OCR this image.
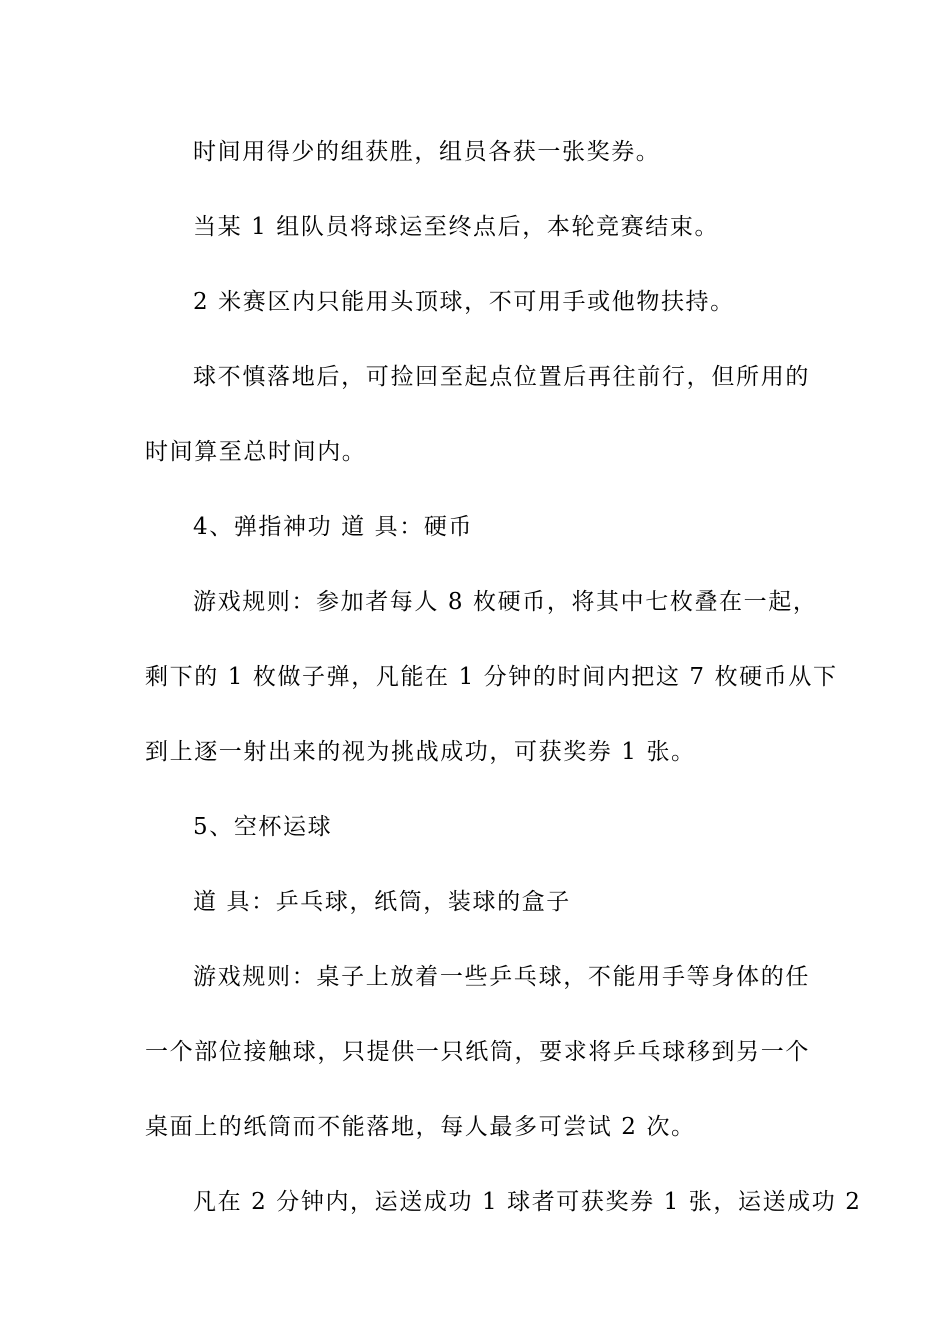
时间用得少的组获胜，组员各获一张奖券。
当某 1 组队员将球运至终点后，本轮竞赛结束。
2 米赛区内只能用头顶球，不可用手或他物扶持。
球不慎落地后，可捡回至起点位置后再往前行，但所用的
时间算至总时间内。
4、弹指神功 道 具：硬币
游戏规则：参加者每人 8 枚硬币，将其中七枚叠在一起，
剩下的 1 枚做子弹，凡能在 1 分钟的时间内把这 7 枚硬币从下
到上逐一射出来的视为挑战成功，可获奖券 1 张。
5、空杯运球
道 具：乒乓球，纸筒，装球的盒子
游戏规则：桌子上放着一些乒乓球，不能用手等身体的任
一个部位接触球，只提供一只纸筒，要求将乒乓球移到另一个
桌面上的纸筒而不能落地，每人最多可尝试 2 次。
凡在 2 分钟内，运送成功 1 球者可获奖券 1 张，运送成功 2
